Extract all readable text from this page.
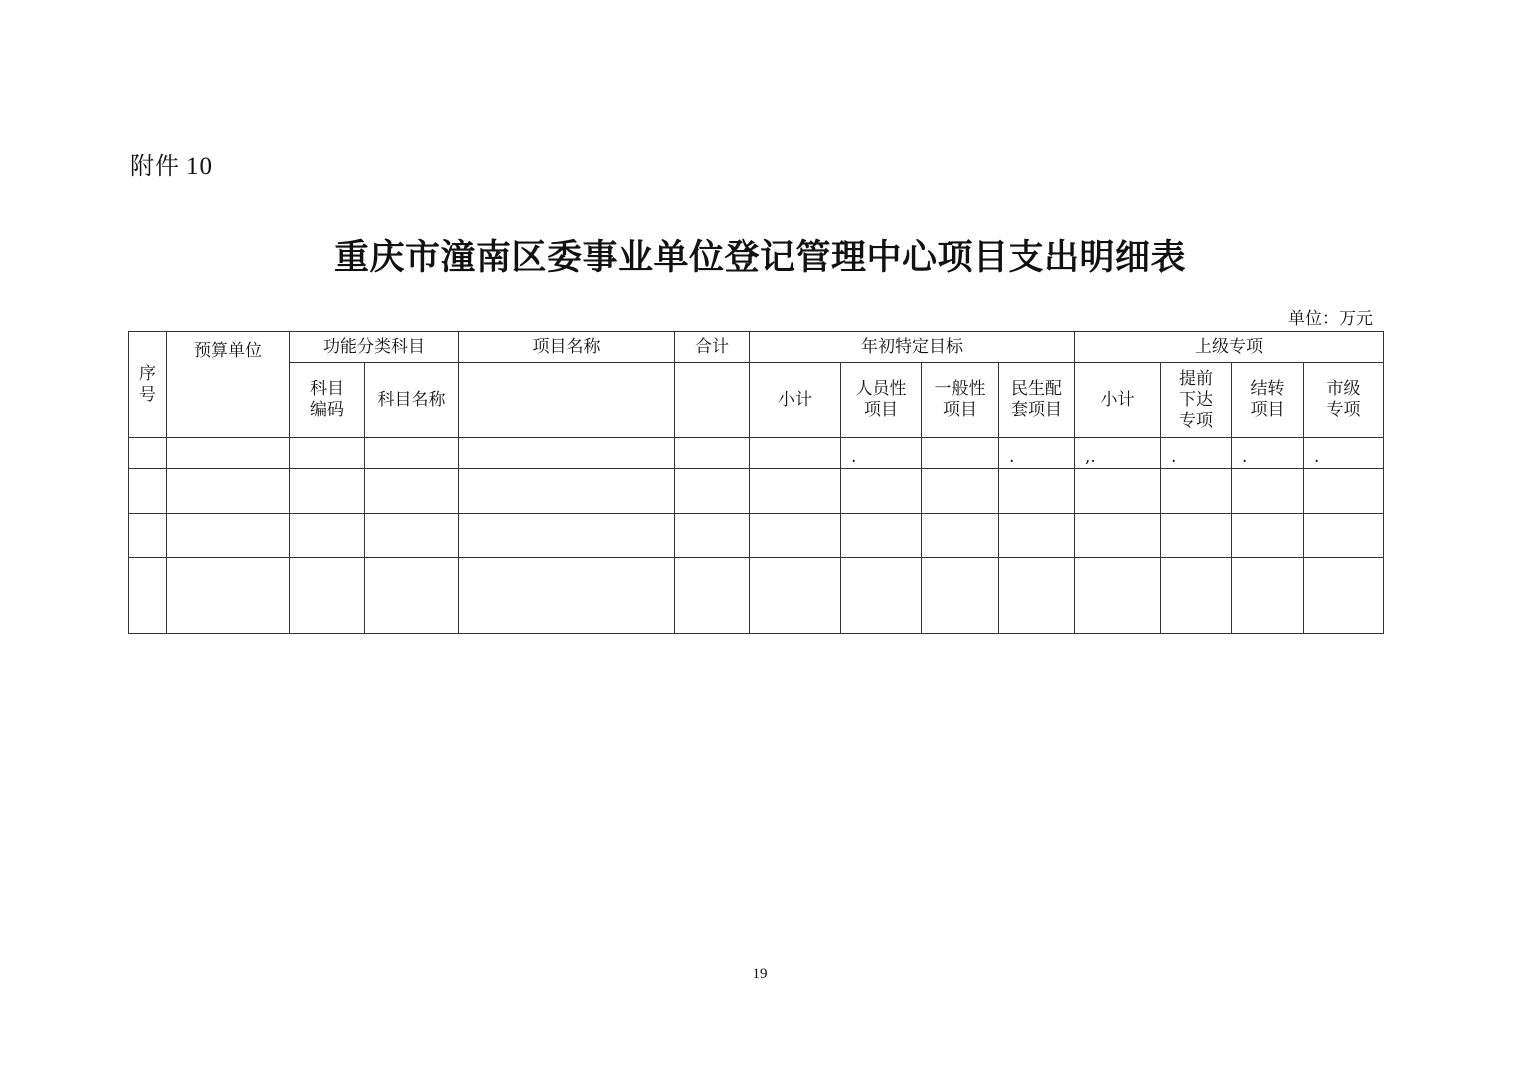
附件 10
重庆市潼南区委事业单位登记管理中心项目支出明细表
单位：万元
序号	预算单位	功能分类科目		项目名称	合计	年初特定目标				上级专项			
		科目编码	科目名称			小计	人员性项目	一般性项目	民生配套项目	小计	提前下达专项	结转项目	市级专项
							.		.	,.	.	.	.

19
